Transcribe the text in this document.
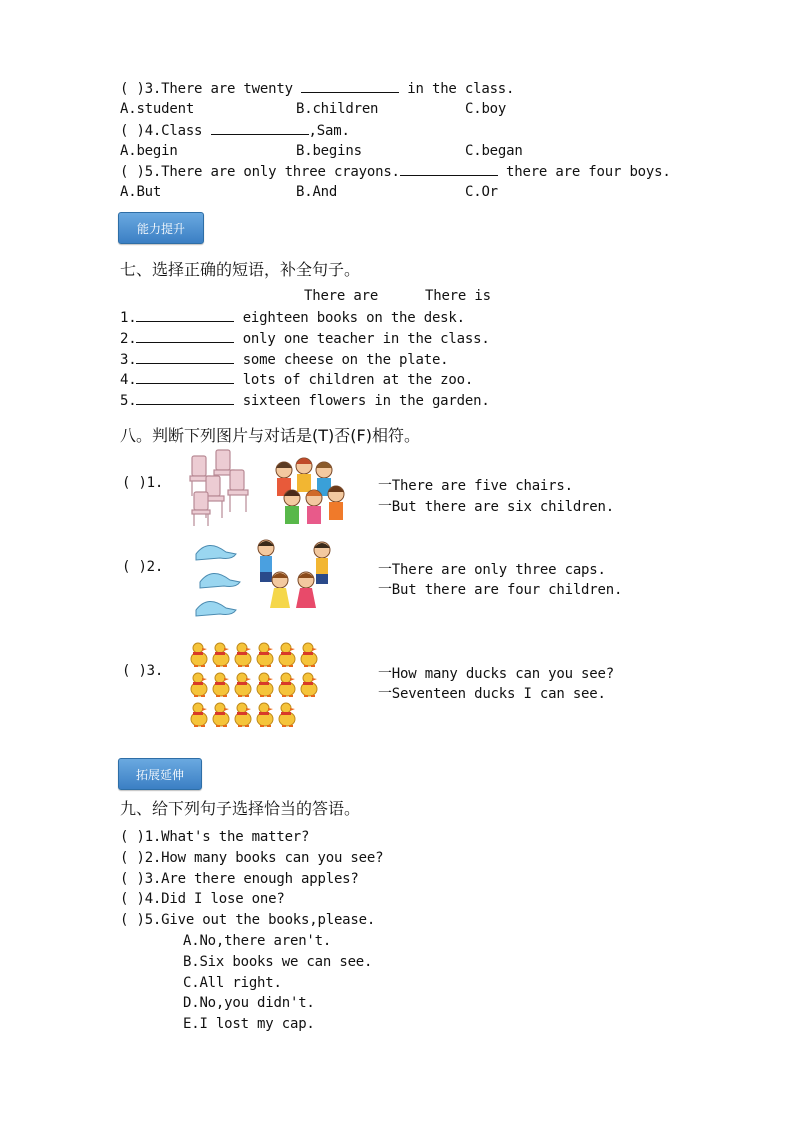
( )3.There are twenty	in the class.
A.student	B.children	C.boy
( )4.Class	,Sam.
A.begin	B.begins	C.began
( )5.There are only three crayons.	there are four boys.
A.But	B.And	C.Or
能力提升
七、选择正确的短语，补全句子。
There are	There is
1.	eighteen books on the desk.
2.	only one teacher in the class.
3.	some cheese on the plate.
4.	lots of children at the zoo.
5.	sixteen flowers in the garden.
八。判断下列图片与对话是(T)否(F)相符。
( )1.	一There are five chairs.
一But there are six children.
( )2.	一There are only three caps.
一But there are four children.
( )3.	一How many ducks can you see?
一Seventeen ducks I can see.
拓展延伸
九、给下列句子选择恰当的答语。
( )1.What's the matter?
( )2.How many books can you see?
( )3.Are there enough apples?
( )4.Did I lose one?
( )5.Give out the books,please.
A.No,there aren't.
B.Six books we can see.
C.All right.
D.No,you didn't.
E.I lost my cap.
